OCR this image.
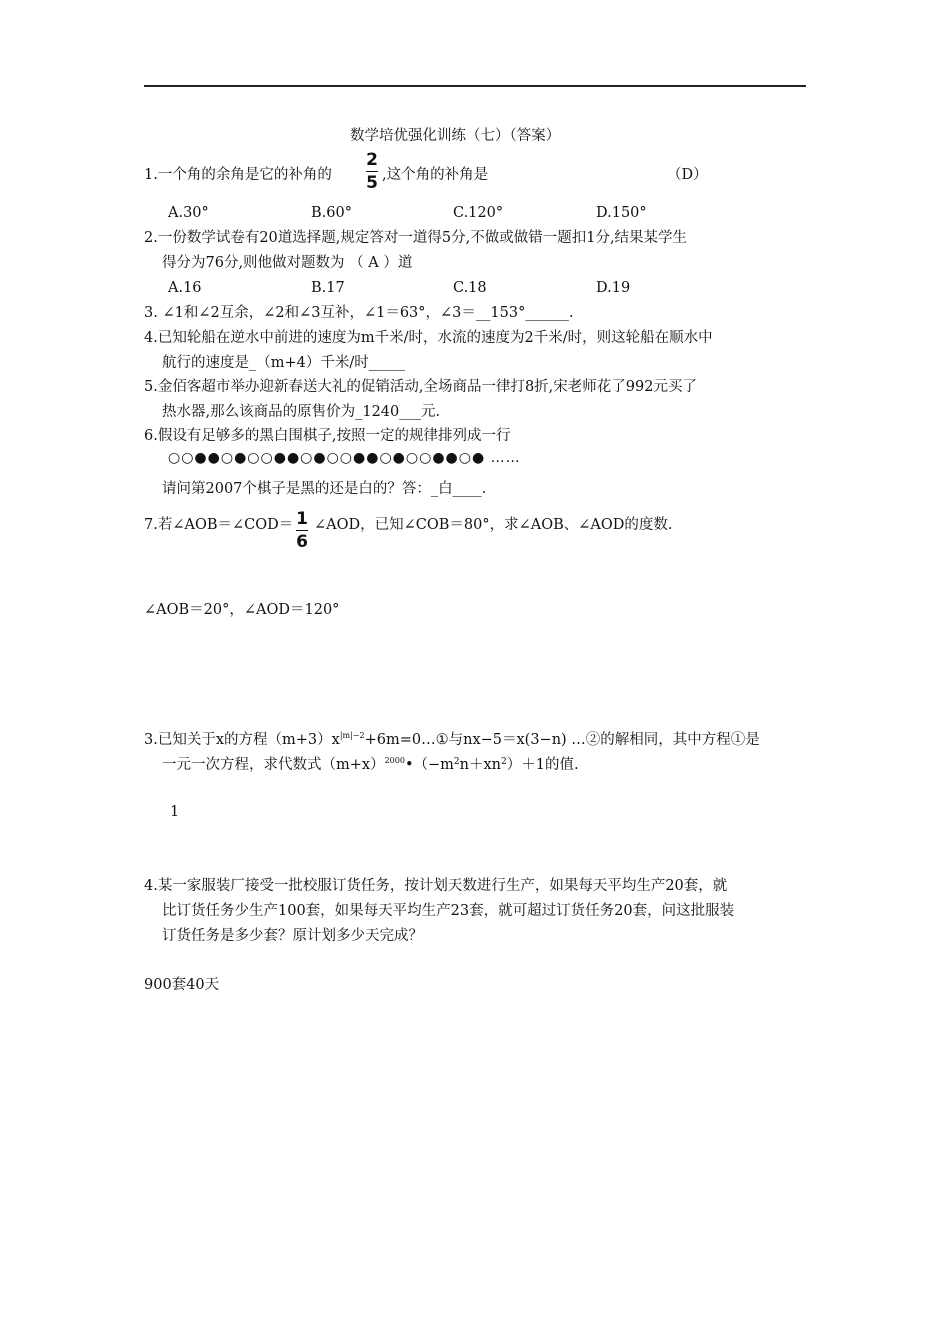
数学培优强化训练（七）（答案）
1.一个角的余角是它的补角的
2
5 ,这个角的补角是	（D）
A.30°	B.60°	C.120°	D.150°
2.一份数学试卷有20道选择题,规定答对一道得5分,不做或做错一题扣1分,结果某学生
得分为76分,则他做对题数为 （ A ）道
A.16	B.17	C.18	D.19
3. ∠1和∠2互余，∠2和∠3互补，∠1＝63°，∠3＝__153°______.
4.已知轮船在逆水中前进的速度为m千米/时，水流的速度为2千米/时，则这轮船在顺水中
航行的速度是_（m+4）千米/时_____
5.金佰客超市举办迎新春送大礼的促销活动,全场商品一律打8折,宋老师花了992元买了
热水器,那么该商品的原售价为_1240___元.
6.假设有足够多的黑白围棋子,按照一定的规律排列成一行
○○●●○●○○●●○●○○●●○●○○●●○● ……
请问第2007个棋子是黑的还是白的？答：_白____.
7.若∠AOB＝∠COD＝ 1
6
∠AOD，已知∠COB＝80°，求∠AOB、∠AOD的度数.
∠AOB＝20°，∠AOD＝120°
3.已知关于x的方程$(m+3)x^{|m|-2}+6m=0\dots ①$与nx−5＝x(3−n) …②的解相同，其中方程①是
一元一次方程，求代数式$(m+x)^{2000}•(-m^2n+xn^2)+1$的值.
1
4.某一家服装厂接受一批校服订货任务，按计划天数进行生产，如果每天平均生产20套，就
比订货任务少生产100套，如果每天平均生产23套，就可超过订货任务20套，问这批服装
订货任务是多少套？原计划多少天完成？
900套40天
